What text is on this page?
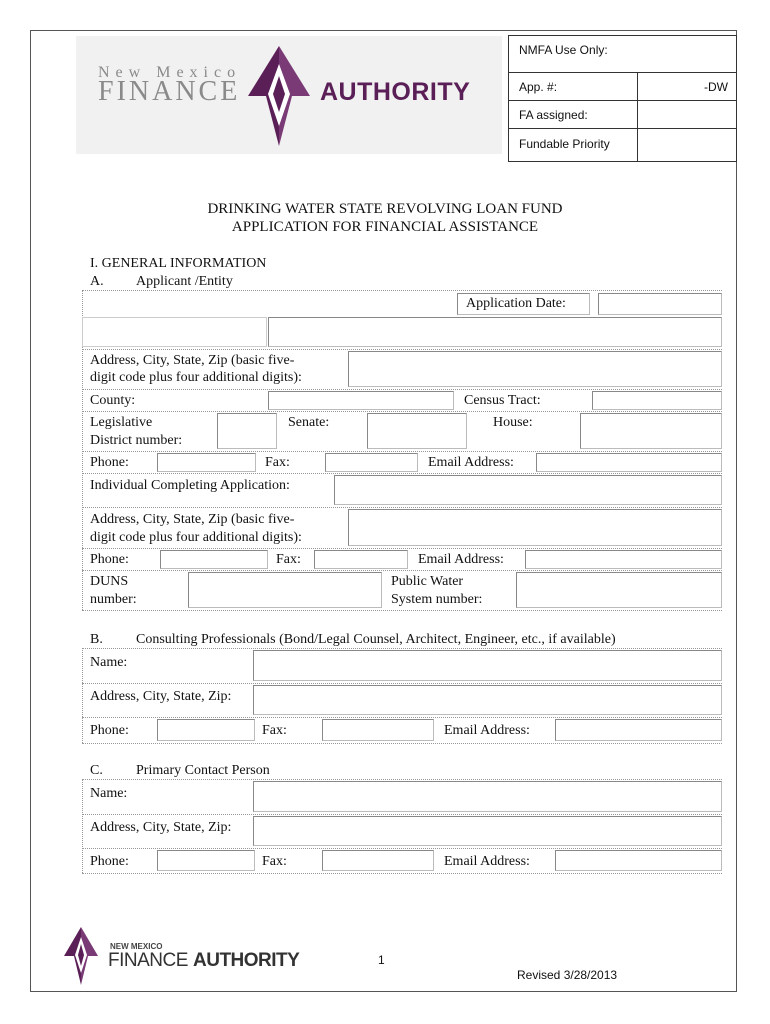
New Mexico
FINANCE	AUTHORITY
NMFA Use Only:
App. #:	-DW
FA assigned:
Fundable Priority
DRINKING WATER STATE REVOLVING LOAN FUND
APPLICATION FOR FINANCIAL ASSISTANCE
I. GENERAL INFORMATION
A. Applicant /Entity
Application Date:
Address, City, State, Zip (basic five-
digit code plus four additional digits):
County:	Census Tract:
Legislative
District number:
Senate:	House:
Phone:	Fax:	Email Address:
Individual Completing Application:
Address, City, State, Zip (basic five-
digit code plus four additional digits):
Phone:	Fax:	Email Address:
DUNS
number:
Public Water
System number:
B. Consulting Professionals (Bond/Legal Counsel, Architect, Engineer, etc., if available)
Name:
Address, City, State, Zip:
Phone:	Fax:	Email Address:
C. Primary Contact Person
Name:
Address, City, State, Zip:
Phone:	Fax:	Email Address:
NEW MEXICO
FINANCE AUTHORITY	1
Revised 3/28/2013
